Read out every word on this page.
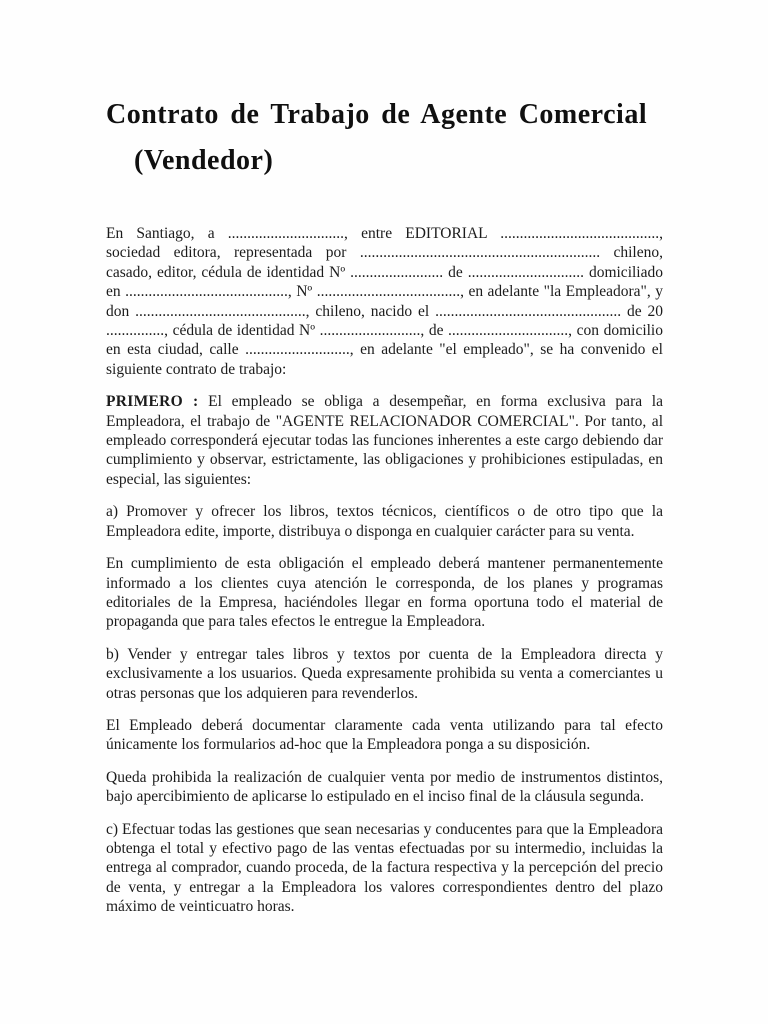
Contrato de Trabajo de Agente Comercial (Vendedor)

En Santiago, a .............................., entre EDITORIAL ........................................., sociedad editora, representada por .............................................................. chileno, casado, editor, cédula de identidad Nº ........................ de .............................. domiciliado en .........................................., Nº ....................................., en adelante "la Empleadora", y don ............................................, chileno, nacido el ................................................ de 20 ..............., cédula de identidad Nº .........................., de ..............................., con domicilio en esta ciudad, calle ..........................., en adelante "el empleado", se ha convenido el siguiente contrato de trabajo:

PRIMERO : El empleado se obliga a desempeñar, en forma exclusiva para la Empleadora, el trabajo de "AGENTE RELACIONADOR COMERCIAL". Por tanto, al empleado corresponderá ejecutar todas las funciones inherentes a este cargo debiendo dar cumplimiento y observar, estrictamente, las obligaciones y prohibiciones estipuladas, en especial, las siguientes:

a) Promover y ofrecer los libros, textos técnicos, científicos o de otro tipo que la Empleadora edite, importe, distribuya o disponga en cualquier carácter para su venta.

En cumplimiento de esta obligación el empleado deberá mantener permanentemente informado a los clientes cuya atención le corresponda, de los planes y programas editoriales de la Empresa, haciéndoles llegar en forma oportuna todo el material de propaganda que para tales efectos le entregue la Empleadora.

b) Vender y entregar tales libros y textos por cuenta de la Empleadora directa y exclusivamente a los usuarios. Queda expresamente prohibida su venta a comerciantes u otras personas que los adquieren para revenderlos.

El Empleado deberá documentar claramente cada venta utilizando para tal efecto únicamente los formularios ad-hoc que la Empleadora ponga a su disposición.

Queda prohibida la realización de cualquier venta por medio de instrumentos distintos, bajo apercibimiento de aplicarse lo estipulado en el inciso final de la cláusula segunda.

c) Efectuar todas las gestiones que sean necesarias y conducentes para que la Empleadora obtenga el total y efectivo pago de las ventas efectuadas por su intermedio, incluidas la entrega al comprador, cuando proceda, de la factura respectiva y la percepción del precio de venta, y entregar a la Empleadora los valores correspondientes dentro del plazo máximo de veinticuatro horas.
